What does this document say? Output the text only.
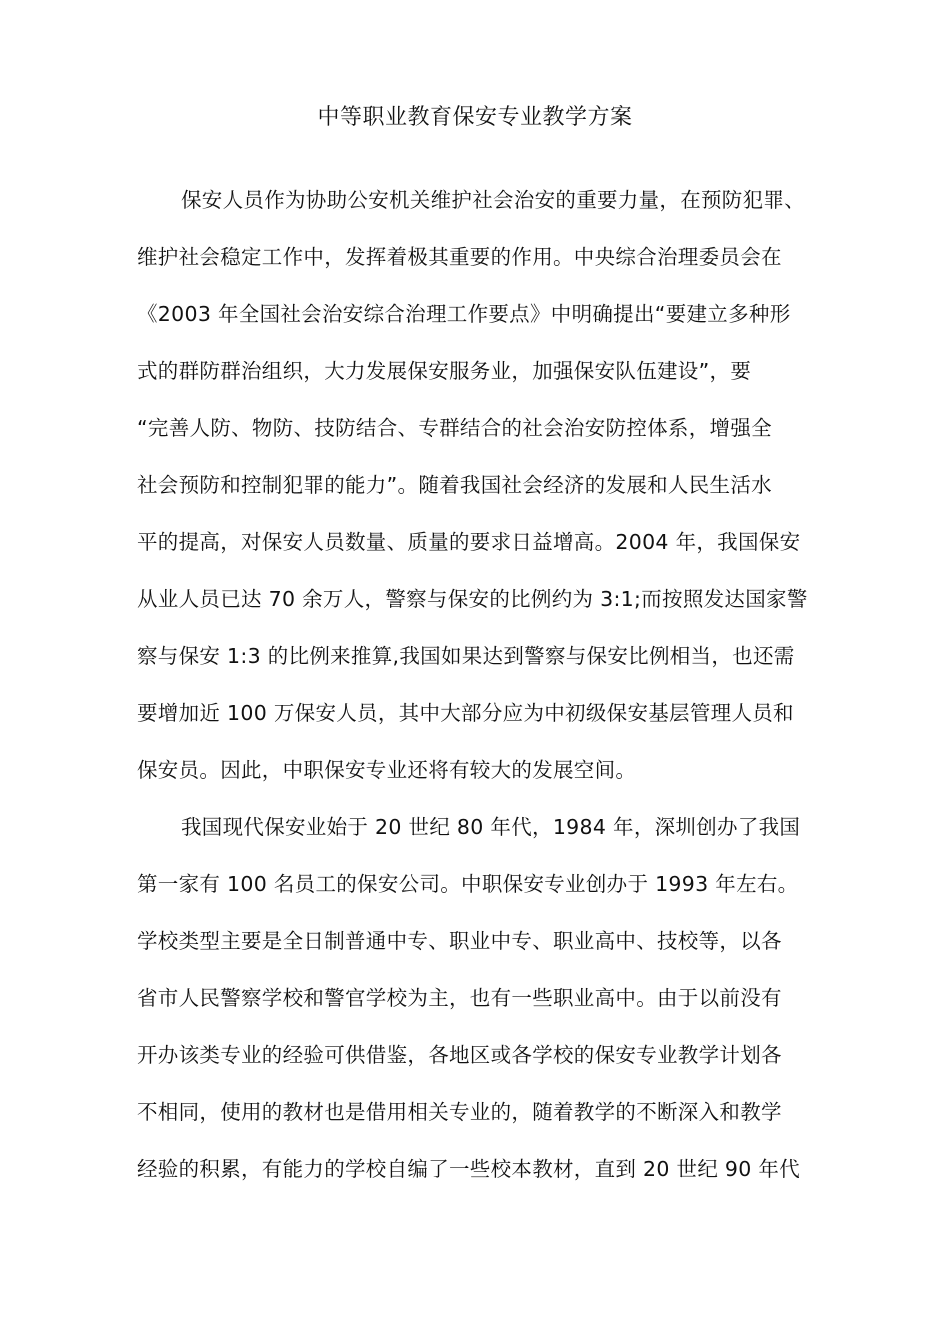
中等职业教育保安专业教学方案
保安人员作为协助公安机关维护社会治安的重要力量，在预防犯罪、
维护社会稳定工作中，发挥着极其重要的作用。中央综合治理委员会在
《2003 年全国社会治安综合治理工作要点》中明确提出“要建立多种形
式的群防群治组织，大力发展保安服务业，加强保安队伍建设”，要
“完善人防、物防、技防结合、专群结合的社会治安防控体系，增强全
社会预防和控制犯罪的能力”。随着我国社会经济的发展和人民生活水
平的提高，对保安人员数量、质量的要求日益增高。2004 年，我国保安
从业人员已达 70 余万人，警察与保安的比例约为 3:1;而按照发达国家警
察与保安 1:3 的比例来推算,我国如果达到警察与保安比例相当，也还需
要增加近 100 万保安人员，其中大部分应为中初级保安基层管理人员和
保安员。因此，中职保安专业还将有较大的发展空间。
我国现代保安业始于 20 世纪 80 年代，1984 年，深圳创办了我国
第一家有 100 名员工的保安公司。中职保安专业创办于 1993 年左右。
学校类型主要是全日制普通中专、职业中专、职业高中、技校等，以各
省市人民警察学校和警官学校为主，也有一些职业高中。由于以前没有
开办该类专业的经验可供借鉴，各地区或各学校的保安专业教学计划各
不相同，使用的教材也是借用相关专业的，随着教学的不断深入和教学
经验的积累，有能力的学校自编了一些校本教材，直到 20 世纪 90 年代
